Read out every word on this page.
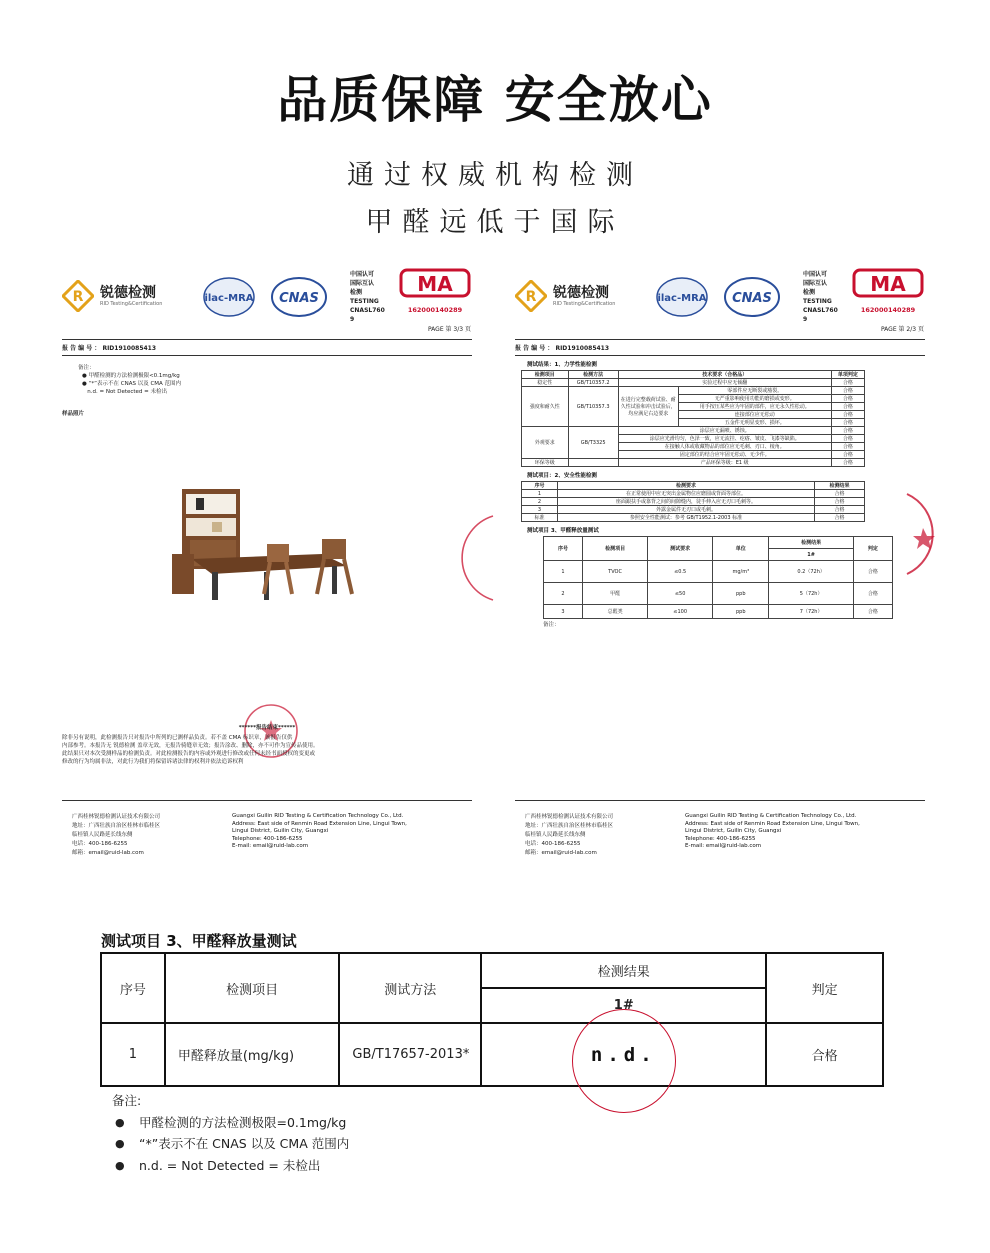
品质保障 安全放心
通过权威机构检测
甲醛远低于国际
R 锐德检测
RID Testing&Certification	ilac-MRA CNAS
中国认可
国际互认
检测
TESTING
CNASL760
9
MA
162000140289
PAGE 第 3/3 页
报 告 编 号 ： RID1910085413
备注：
● 甲醛检测的方法检测极限<0.1mg/kg
● “*”表示不在 CNAS 以及 CMA 范围内
n.d. = Not Detected = 未检出
样品照片
******报告结束******
除非另有说明，此检测报告只对报告中所列的已测样品负责。若不盖 CMA 标识章，该报告仅供
内部参考。本报告无 锐德检测 盖章无效，无报告骑缝章无效；报告涂改、删除，亦不可作为宣传品使用。
此结果只对本次受测样品的检测负责。对此检测报告的内容或外观进行修改或任何未经书面授权的变更或
修改的行为均属非法，对此行为我们将保留诉诸法律的权利并依法追诉权利
广西桂林锐德检测认证技术有限公司
地址：广西壮族自治区桂林市临桂区
临桂镇人民路延长线东侧
电话：400-186-6255
邮箱：email@ruid-lab.com
Guangxi Guilin RID Testing & Certification Technology Co., Ltd.
Address: East side of Renmin Road Extension Line, Lingui Town,
Lingui District, Guilin City, Guangxi
Telephone: 400-186-6255
E-mail: email@ruid-lab.com
R 锐德检测
RID Testing&Certification	ilac-MRA CNAS
中国认可
国际互认
检测
TESTING
CNASL760
9
MA
162000140289
PAGE 第 2/3 页
报 告 编 号 ： RID1910085413
测试结果：1、力学性能检测
检测项目	检测方法	技术要求（合格品）		单项判定
稳定性	GB/T10357.2	实验过程中应无倾翻		合格
强度和耐久性	GB/T10357.3	在进行完整载荷试验、耐久性试验和冲击试验后，均应满足右边要求	零部件应无断裂或豁裂。	合格
			无严重影响使用功能的磨损或变形。	合格
			用手按压某些应为牢固的部件，应无永久性松动。	合格
			连接部位应无松动	合格
			五金件无明显变形、损坏。	合格
外观要求	GB/T3325	涂层应无漏喷、锈蚀。		合格
		涂层应光滑均匀，色泽一致，应无流挂、疙瘩、皱皮、飞漆等缺陷。		合格
		在接触人体或收藏物品的部位应无毛刺、刃口、棱角。		合格
		固定部位的结合应牢固无松动、无少件。		合格
环保等级		产品环保等级：E1 级		合格
测试项目：2、安全性能检测
序号	检测要求	检测结果
1	在正常使用中应无突出金属物位应磨圆或背面等部位。	合格
2	座面跟扶手或靠背之间的间隙缝内，徒手伸入应无刃口毛刺等。	合格
3	外露金属件无刃口或毛刺。	合格
标准	参照安全性能测试：参考 GB/T1952.1-2003 标准	合格
测试项目 3、甲醛释放量测试
序号	检测项目	测试要求	单位	检测结果	判定
				1#	
1	TVOC	≤0.5	mg/m³	0.2（72h）	合格
2	甲醛	≤50	ppb	5（72h）	合格
3	总醛类	≤100	ppb	7（72h）	合格
备注：
广西桂林锐德检测认证技术有限公司
地址：广西壮族自治区桂林市临桂区
临桂镇人民路延长线东侧
电话：400-186-6255
邮箱：email@ruid-lab.com
Guangxi Guilin RID Testing & Certification Technology Co., Ltd.
Address: East side of Renmin Road Extension Line, Lingui Town,
Lingui District, Guilin City, Guangxi
Telephone: 400-186-6255
E-mail: email@ruid-lab.com
测试项目 3、甲醛释放量测试
序号	检测项目	测试方法	检测结果	判定
			1#	
1	甲醛释放量(mg/kg)	GB/T17657-2013*	n.d.	合格
备注:
● 甲醛检测的方法检测极限=0.1mg/kg
● “*”表示不在 CNAS 以及 CMA 范围内
● n.d. = Not Detected = 未检出
